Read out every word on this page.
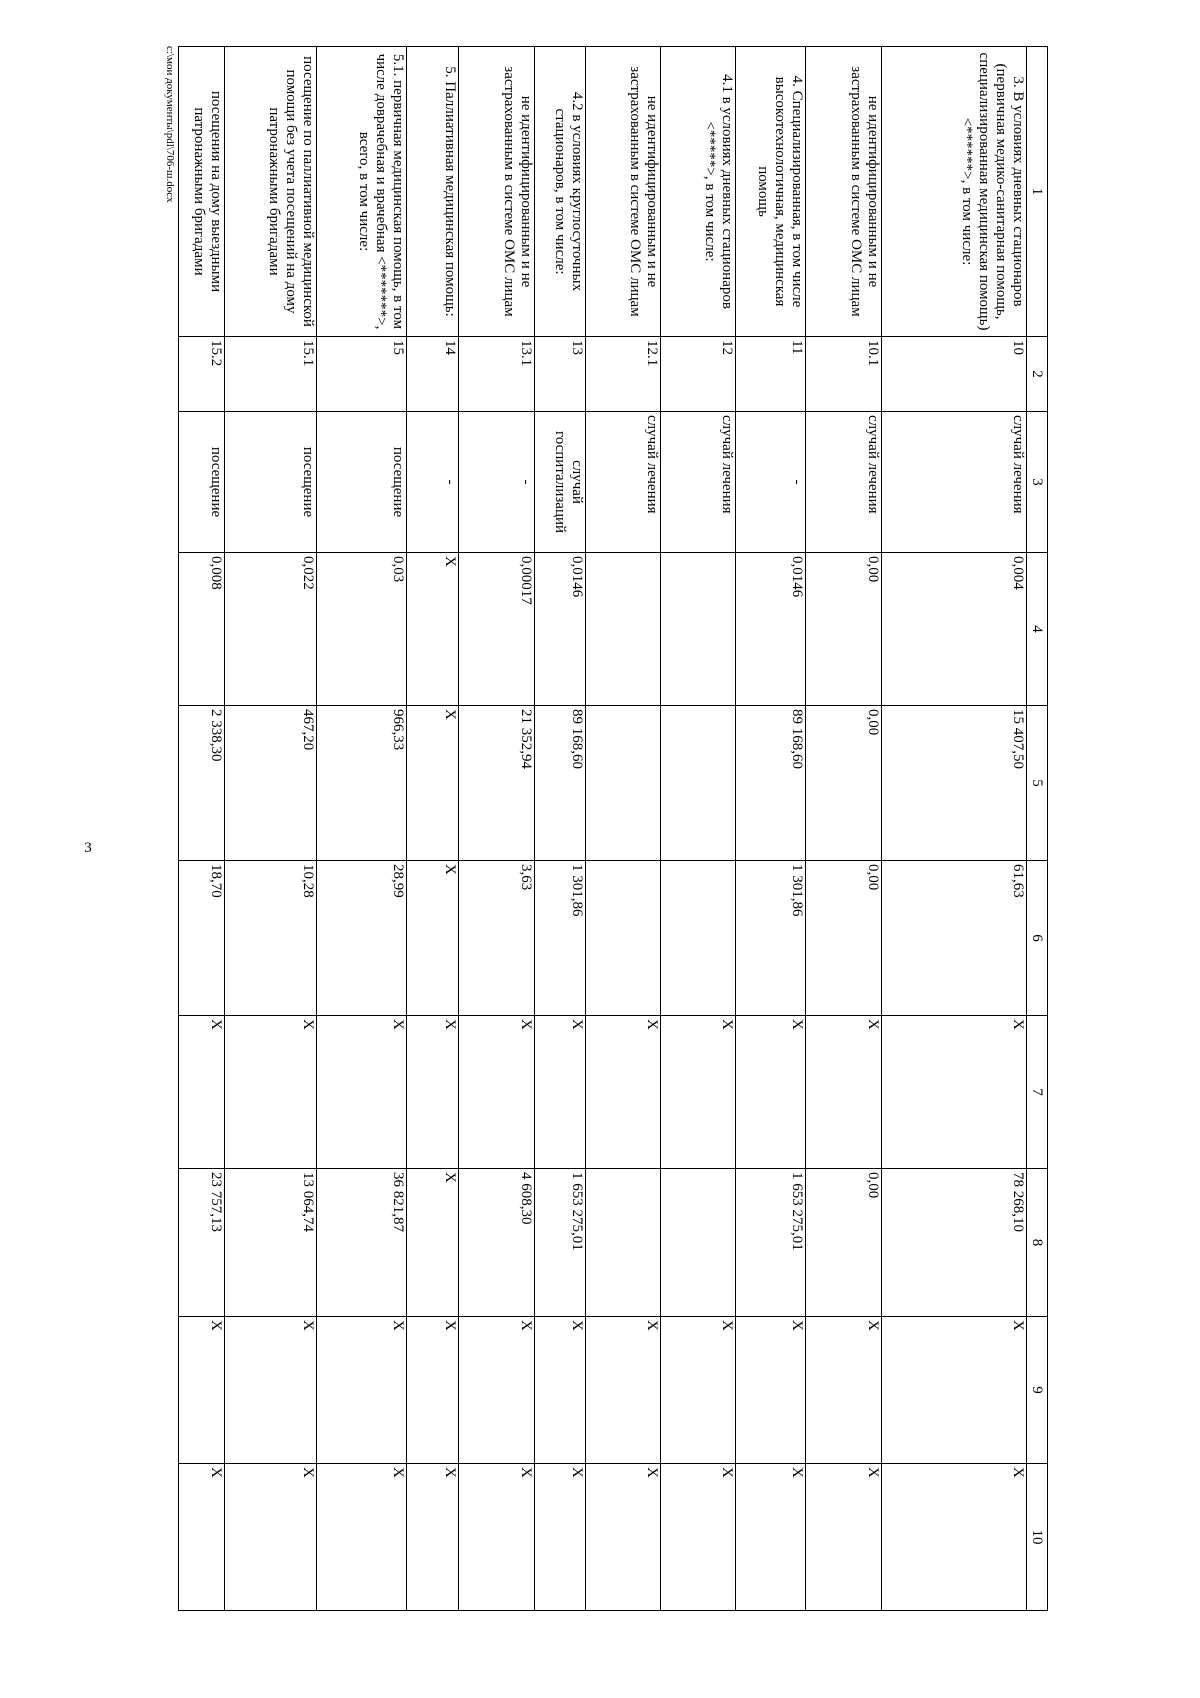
3
1	2	3	4	5	6	7	8	9	10
3. В условиях дневных стационаров (первичная медико-санитарная помощь, специализированная медицинская помощь) <******>, в том числе:	10	случай лечения	0,004	15 407,50	61,63	X	78 268,10	X	X
не идентифицированным и не застрахованным в системе ОМС лицам	10.1	случай лечения	0,00	0,00	0,00	X	0,00	X	X
4. Специализированная, в том числе высокотехнологичная, медицинская помощь	11	-	0,0146	89 168,60	1 301,86	X	1 653 275,01	X	X
4.1 в условиях дневных стационаров <*****>, в том числе:	12	случай лечения				X		X	X
не идентифицированным и не застрахованным в системе ОМС лицам	12.1	случай лечения				X		X	X
4.2 в условиях круглосуточных стационаров, в том числе:	13	случай госпитализаций	0,0146	89 168,60	1 301,86	X	1 653 275,01	X	X
не идентифицированным и не застрахованным в системе ОМС лицам	13.1	-	0,00017	21 352,94	3,63	X	4 608,30	X	X
5. Паллиативная медицинская помощь:	14	-	X	X	X	X	X	X	X
5.1. первичная медицинская помощь, в том числе доврачебная и врачебная <*******>, всего, в том числе:	15	посещение	0,03	966,33	28,99	X	36 821,87	X	X
посещение по паллиативной медицинской помощи без учета посещений на дому патронажными бригадами	15.1	посещение	0,022	467,20	10,28	X	13 064,74	X	X
посещения на дому выездными патронажными бригадами	15.2	посещение	0,008	2 338,30	18,70	X	23 757,13	X	X
c:\мои документы\рdl\706-ш.docx
